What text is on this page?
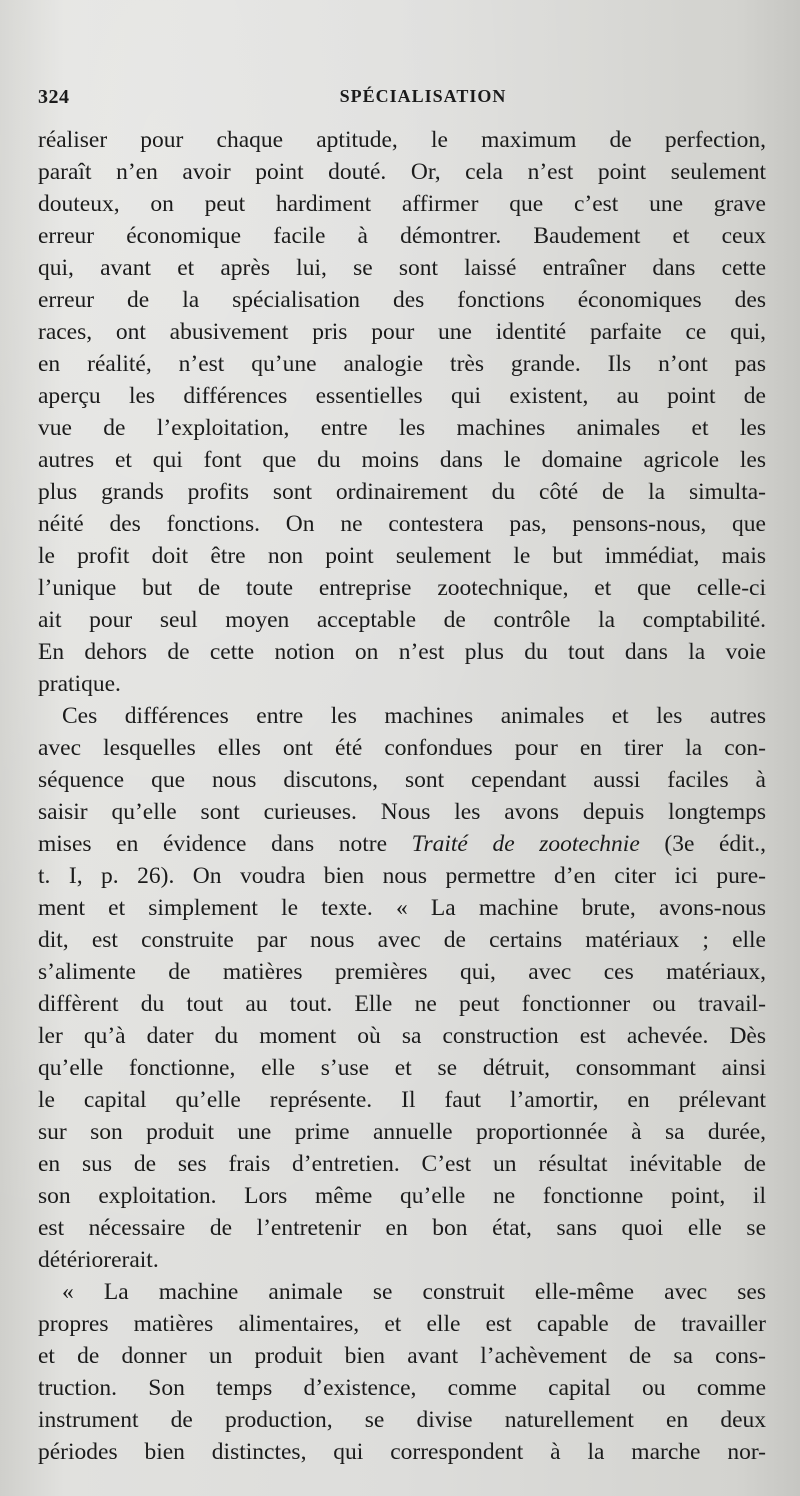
324	SPÉCIALISATION
réaliser pour chaque aptitude, le maximum de perfection,
paraît n’en avoir point douté. Or, cela n’est point seulement
douteux, on peut hardiment affirmer que c’est une grave
erreur économique facile à démontrer. Baudement et ceux
qui, avant et après lui, se sont laissé entraîner dans cette
erreur de la spécialisation des fonctions économiques des
races, ont abusivement pris pour une identité parfaite ce qui,
en réalité, n’est qu’une analogie très grande. Ils n’ont pas
aperçu les différences essentielles qui existent, au point de
vue de l’exploitation, entre les machines animales et les
autres et qui font que du moins dans le domaine agricole les
plus grands profits sont ordinairement du côté de la simulta-
néité des fonctions. On ne contestera pas, pensons-nous, que
le profit doit être non point seulement le but immédiat, mais
l’unique but de toute entreprise zootechnique, et que celle-ci
ait pour seul moyen acceptable de contrôle la comptabilité.
En dehors de cette notion on n’est plus du tout dans la voie
pratique.
Ces différences entre les machines animales et les autres
avec lesquelles elles ont été confondues pour en tirer la con-
séquence que nous discutons, sont cependant aussi faciles à
saisir qu’elle sont curieuses. Nous les avons depuis longtemps
mises en évidence dans notre Traité de zootechnie (3e édit.,
t. I, p. 26). On voudra bien nous permettre d’en citer ici pure-
ment et simplement le texte. « La machine brute, avons-nous
dit, est construite par nous avec de certains matériaux ; elle
s’alimente de matières premières qui, avec ces matériaux,
diffèrent du tout au tout. Elle ne peut fonctionner ou travail-
ler qu’à dater du moment où sa construction est achevée. Dès
qu’elle fonctionne, elle s’use et se détruit, consommant ainsi
le capital qu’elle représente. Il faut l’amortir, en prélevant
sur son produit une prime annuelle proportionnée à sa durée,
en sus de ses frais d’entretien. C’est un résultat inévitable de
son exploitation. Lors même qu’elle ne fonctionne point, il
est nécessaire de l’entretenir en bon état, sans quoi elle se
détériorerait.
« La machine animale se construit elle-même avec ses
propres matières alimentaires, et elle est capable de travailler
et de donner un produit bien avant l’achèvement de sa cons-
truction. Son temps d’existence, comme capital ou comme
instrument de production, se divise naturellement en deux
périodes bien distinctes, qui correspondent à la marche nor-
